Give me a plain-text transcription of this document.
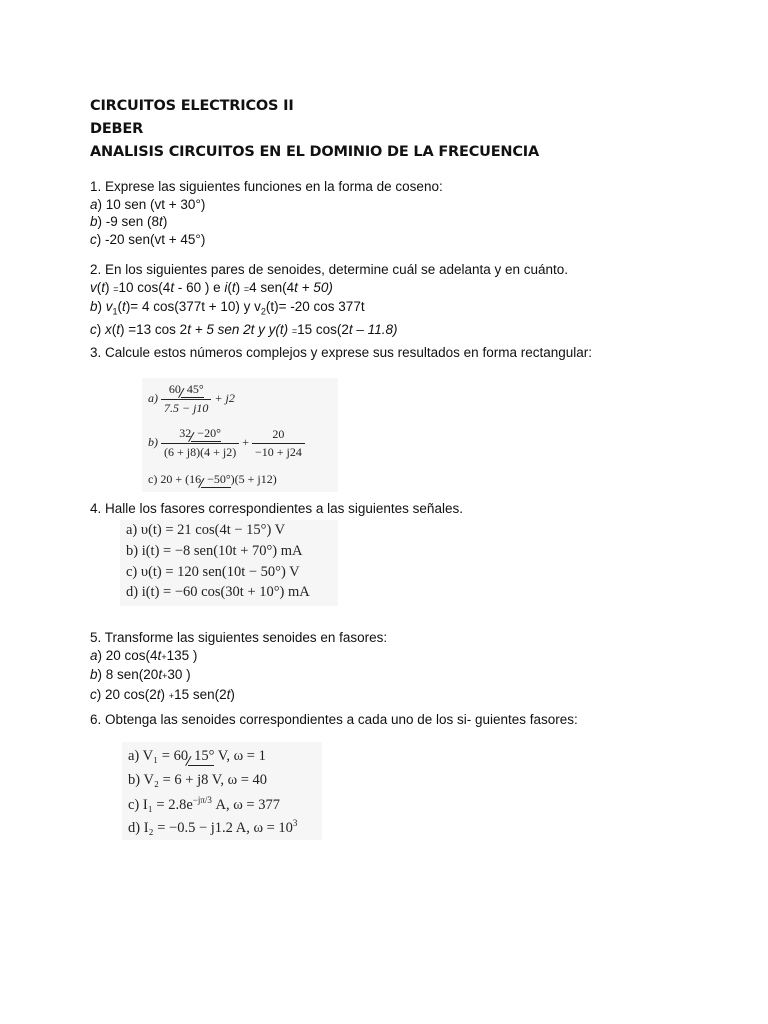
CIRCUITOS ELECTRICOS II
DEBER
ANALISIS CIRCUITOS EN EL DOMINIO DE LA FRECUENCIA

1. Exprese las siguientes funciones en la forma de coseno:

a) 10 sen (vt + 30°)

b) -9 sen (8t)

c) -20 sen(vt + 45°)

2. En los siguientes pares de senoides, determine cuál se adelanta y en cuánto.

v(t) =10 cos(4t - 60 ) e i(t) =4 sen(4t + 50)

b) $v_1(t)= 4$ cos(377t + 10) y $v_2(t)= -20$ cos 377t

c) x(t) =13 cos 2t + 5 sen 2t y y(t) =15 cos(2t – 11.8)

3. Calcule estos números complejos y exprese sus resultados en forma rectangular:

$a) \frac{60 45^\circ}{7.5 - j10} + j2$
$b) \frac{32 -20^\circ}{(6 + j8)(4 + j2)} + \frac{20}{-10 + j24}$
c) 20 + (16 −50°)(5 + j12)

4. Halle los fasores correspondientes a las siguientes señales.

a) υ(t) = 21 cos(4t − 15°) V
b) i(t) = −8 sen(10t + 70°) mA
c) υ(t) = 120 sen(10t − 50°) V
d) i(t) = −60 cos(30t + 10°) mA

5. Transforme las siguientes senoides en fasores:

a) 20 cos(4t+135 )

b) 8 sen(20t+30 )

c) 20 cos(2t) +15 sen(2t)

6. Obtenga las senoides correspondientes a cada uno de los si- guientes fasores:

a) V₁ = 60 15° V, ω = 1
b) V₂ = 6 + j8 V, ω = 40
c) $I_1 = 2.8e^{-j\pi/3}$ A, ω = 377
d) I₂ = −0.5 − j1.2 A, $\omega = 10^3$
